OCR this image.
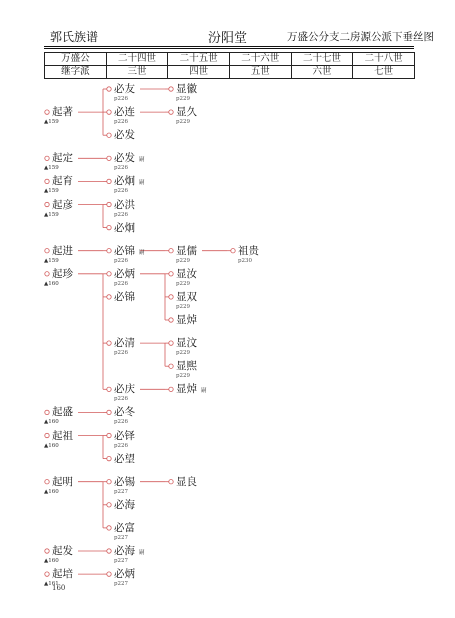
郭氏族谱	汾阳堂	万盛公分支二房源公派下垂丝图
万盛公	二十四世	二十五世	二十六世	二十七世	二十八世
继字派	三世	四世	五世	六世	七世
必友
p226
显徽
p229
起著
▲159
必连
p226
显久
p229
必发
起定
▲159
必发 嗣
p226
起育
▲159
必炯 嗣
p226
起彦
▲159
必洪
p226
必炯
起进
▲159
必锦 嗣
p226
显儒
p229
祖贵
p230
起珍
▲160
必炳
p226
显汝
p229
必锦	显双
p229
显焯
必清
p226
显汶
p229
显熙
p229
必庆
p226
显焯 嗣
起盛
▲160
必冬
p226
起祖
▲160
必铎
p226
必望
起明
▲160
必锡
p227
显良
必海
必富
p227
起发
▲160
必海 嗣
p227
起培
▲161
必炳
p227
160
